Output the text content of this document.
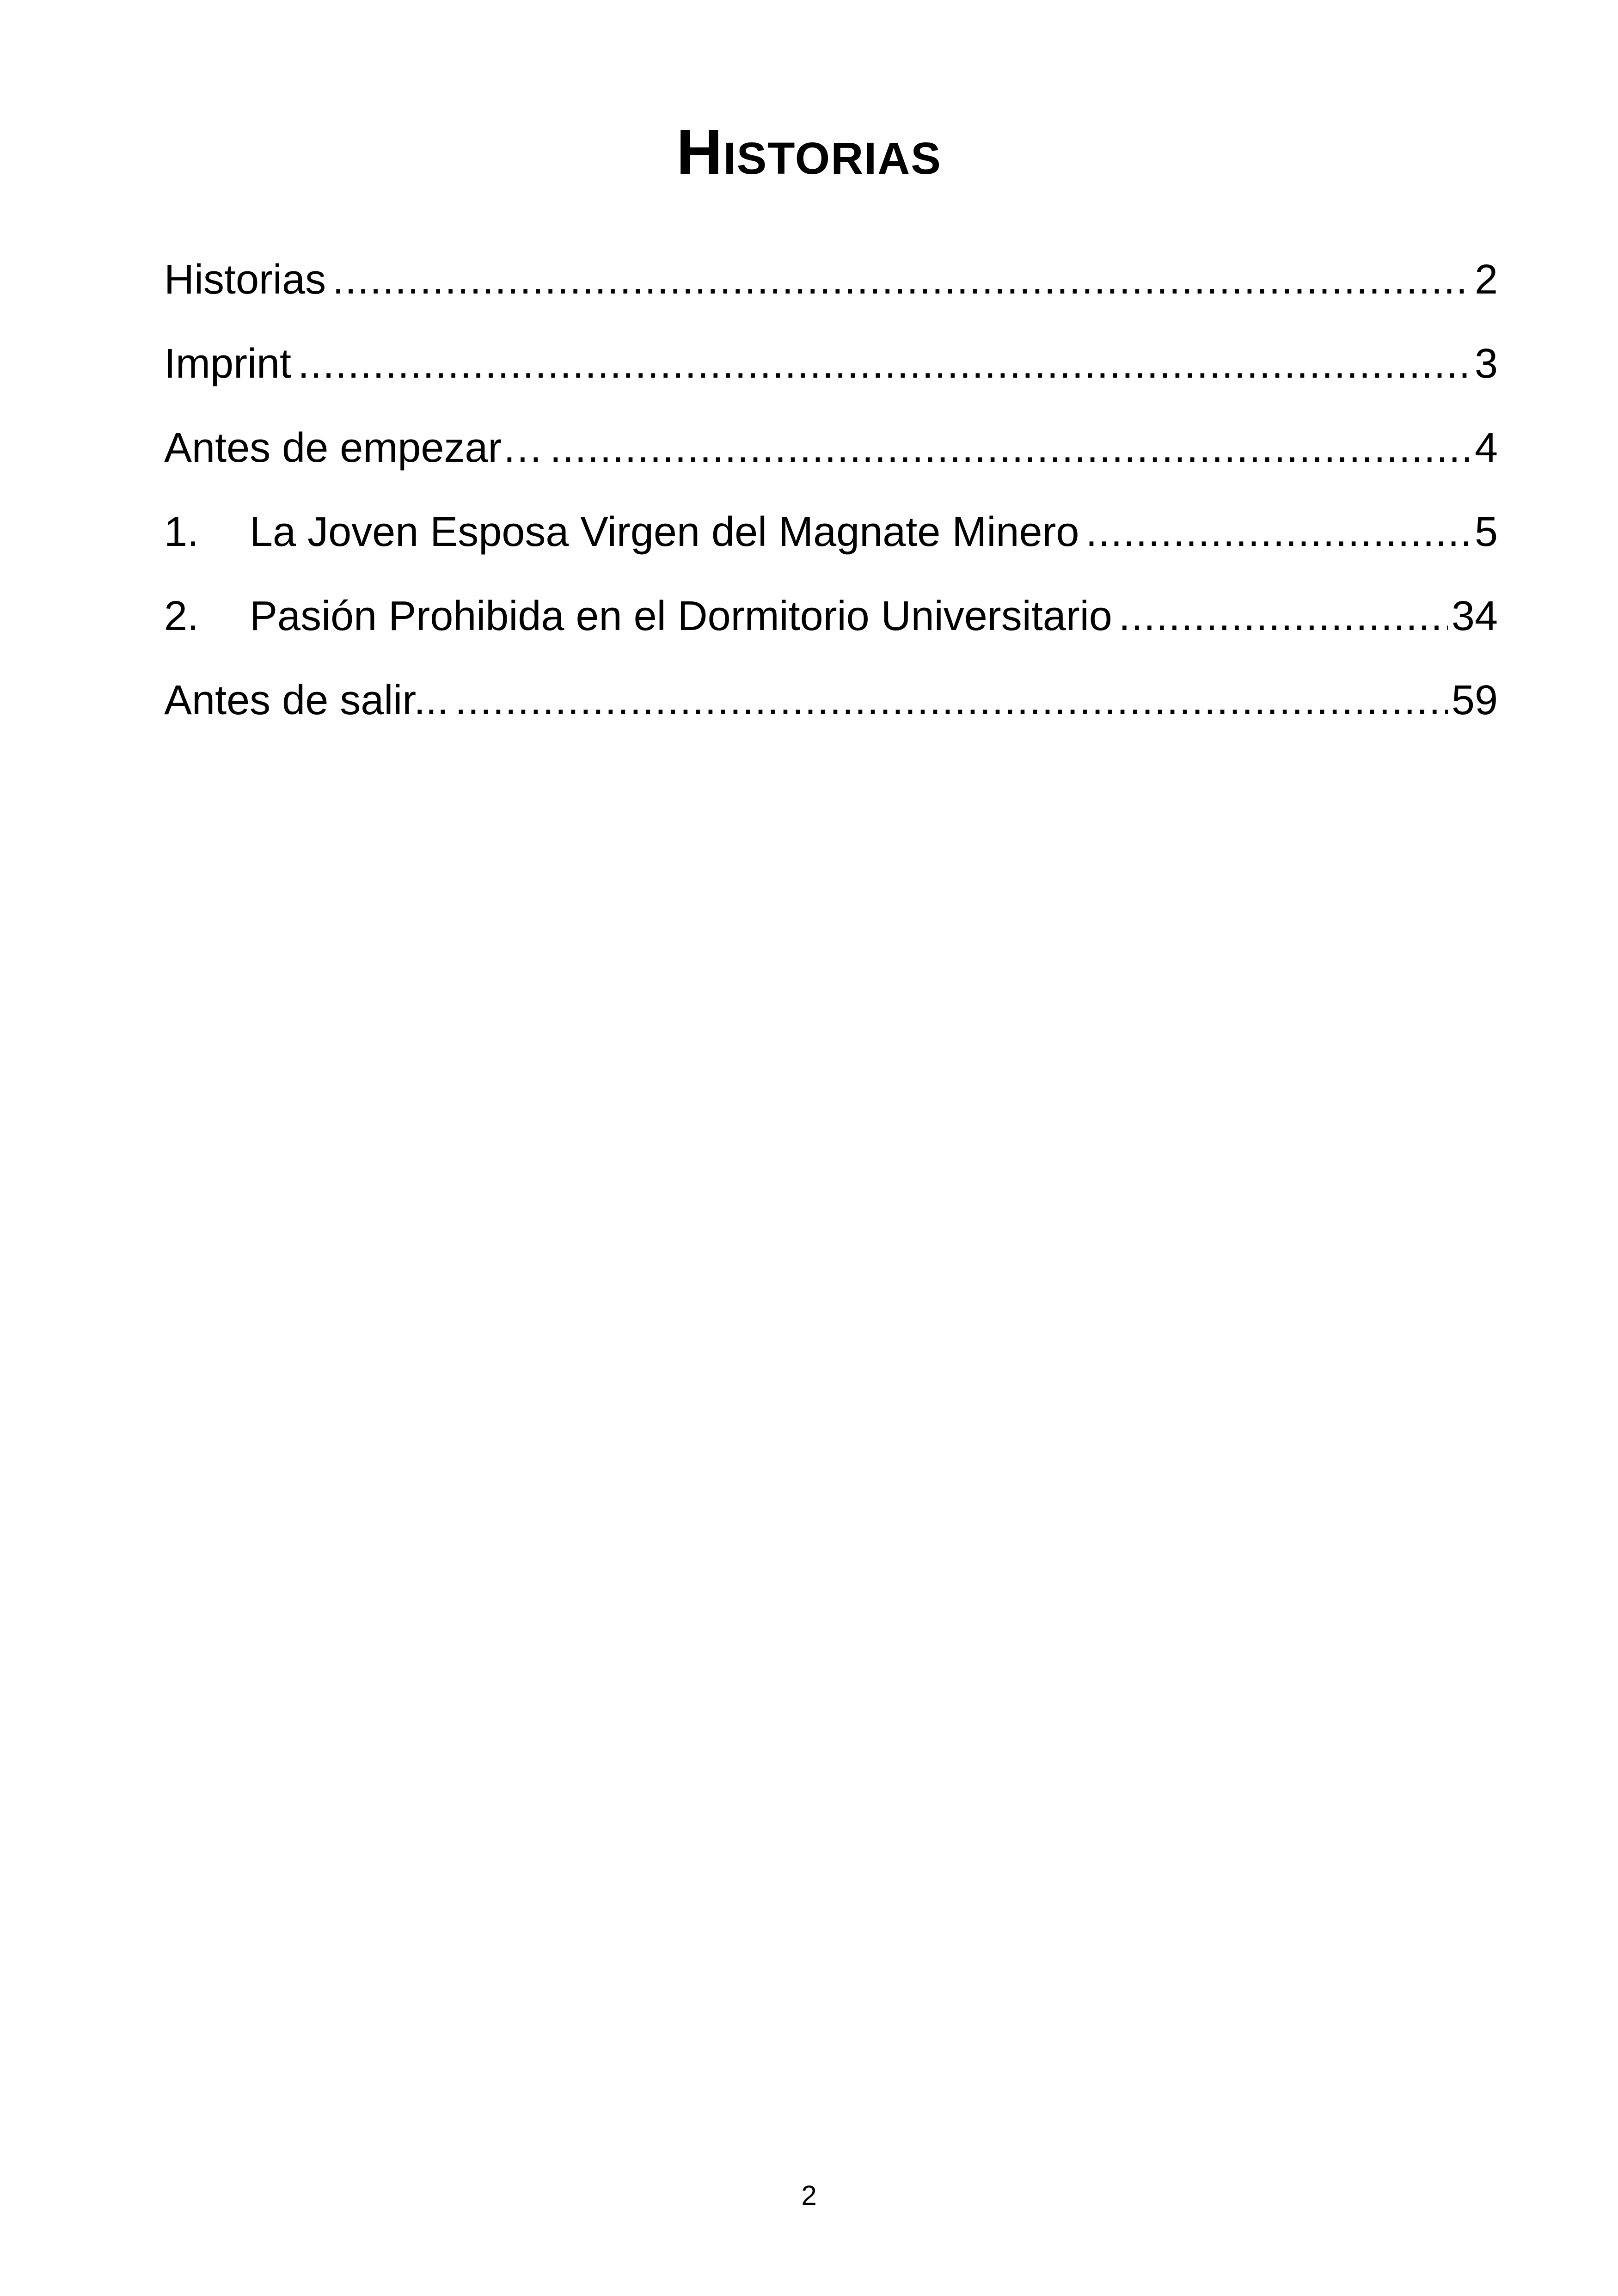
Historias
Historias .....	2
Imprint .....	3
Antes de empezar… .....	4
1.	La Joven Esposa Virgen del Magnate Minero .....	5
2.	Pasión Prohibida en el Dormitorio Universitario .....	34
Antes de salir... .....	59
2
